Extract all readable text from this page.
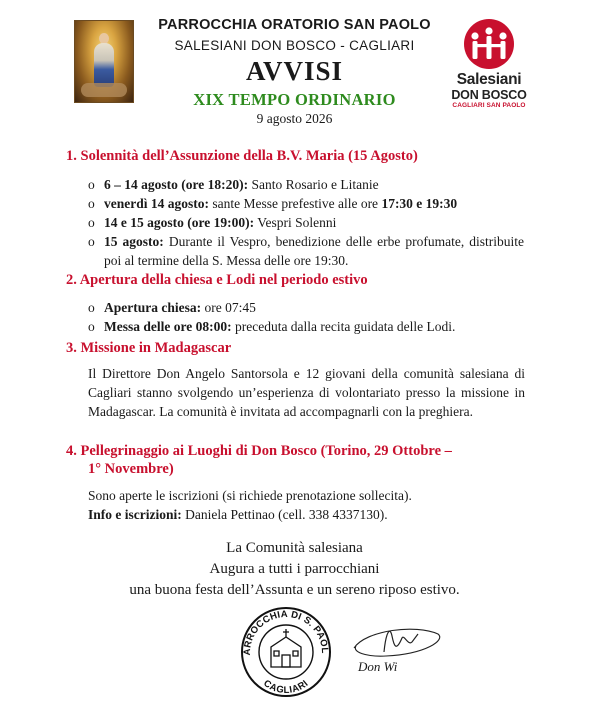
PARROCCHIA ORATORIO SAN PAOLO
SALESIANI DON BOSCO - CAGLIARI
AVVISI
XIX TEMPO ORDINARIO
9 agosto 2026
Salesiani
DON BOSCO
CAGLIARI SAN PAOLO
1. Solennità dell’Assunzione della B.V. Maria (15 Agosto)
o 6 – 14 agosto (ore 18:20): Santo Rosario e Litanie
o venerdì 14 agosto: sante Messe prefestive alle ore 17:30 e 19:30
o 14 e 15 agosto (ore 19:00): Vespri Solenni
o 15 agosto: Durante il Vespro, benedizione delle erbe profumate, distribuite poi al termine della S. Messa delle ore 19:30.
2. Apertura della chiesa e Lodi nel periodo estivo
o Apertura chiesa: ore 07:45
o Messa delle ore 08:00: preceduta dalla recita guidata delle Lodi.
3. Missione in Madagascar
Il Direttore Don Angelo Santorsola e 12 giovani della comunità salesiana di Cagliari stanno svolgendo un’esperienza di volontariato presso la missione in Madagascar. La comunità è invitata ad accompagnarli con la preghiera.
4. Pellegrinaggio ai Luoghi di Don Bosco (Torino, 29 Ottobre –
1° Novembre)
Sono aperte le iscrizioni (si richiede prenotazione sollecita).
Info e iscrizioni: Daniela Pettinao (cell. 338 4337130).
La Comunità salesiana
Augura a tutti i parrocchiani
una buona festa dell’Assunta e un sereno riposo estivo.
ARROCCHIA DI S. PAOL
CAGLIARI
Don Wi
